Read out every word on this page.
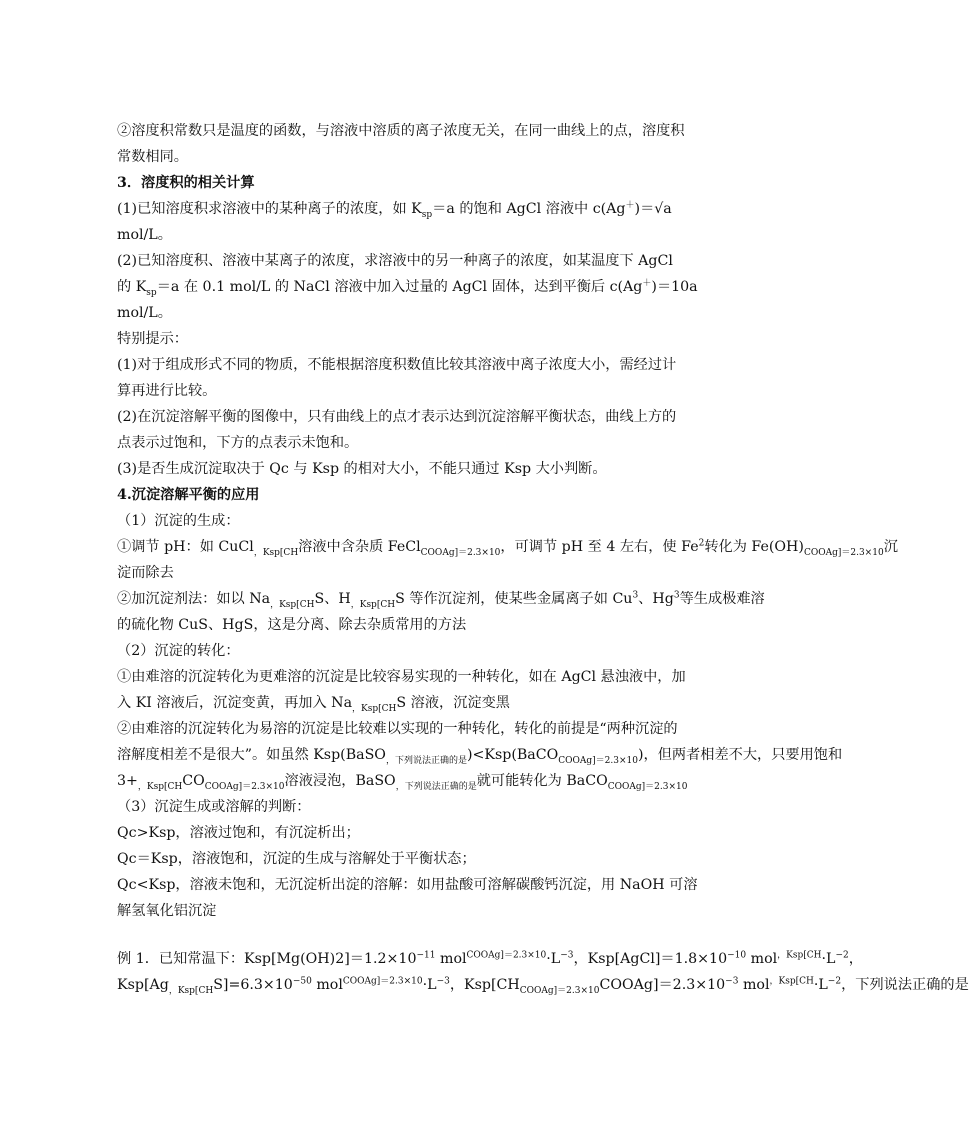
②溶度积常数只是温度的函数，与溶液中溶质的离子浓度无关，在同一曲线上的点，溶度积
常数相同。
3．溶度积的相关计算
(1)已知溶度积求溶液中的某种离子的浓度，如 $K_{sp}=a$ 的饱和 AgCl 溶液中 c(Ag＋)＝√a
mol/L。
(2)已知溶度积、溶液中某离子的浓度，求溶液中的另一种离子的浓度，如某温度下 AgCl
的 $K_{sp}=a$ 在 0.1 mol/L 的 NaCl 溶液中加入过量的 AgCl 固体，达到平衡后 c(Ag＋)＝10a
mol/L。
特别提示：
(1)对于组成形式不同的物质，不能根据溶度积数值比较其溶液中离子浓度大小，需经过计
算再进行比较。
(2)在沉淀溶解平衡的图像中，只有曲线上的点才表示达到沉淀溶解平衡状态，曲线上方的
点表示过饱和，下方的点表示未饱和。
(3)是否生成沉淀取决于 Qc 与 Ksp 的相对大小，不能只通过 Ksp 大小判断。
4.沉淀溶解平衡的应用
（1）沉淀的生成：
①调节 pH：如 CuCl$_{,Ksp[CH}$溶液中含杂质 FeCl$_{COOAg]=2.3\times 10}$，可调节 pH 至 4 左右，使 Fe$^2$转化为 $Fe(OH)_{COOAg]=2.3\times 10}$沉
淀而除去
②加沉淀剂法：如以 $Na_{,Ksp[CH}S$、$H_{,Ksp[CH}S$ 等作沉淀剂，使某些金属离子如 Cu$^3$、Hg$^3$等生成极难溶
的硫化物 CuS、HgS，这是分离、除去杂质常用的方法
（2）沉淀的转化：
①由难溶的沉淀转化为更难溶的沉淀是比较容易实现的一种转化，如在 AgCl 悬浊液中，加
入 KI 溶液后，沉淀变黄，再加入 $Na_{,Ksp[CH}S$ 溶液，沉淀变黑
②由难溶的沉淀转化为易溶的沉淀是比较难以实现的一种转化，转化的前提是“两种沉淀的
溶解度相差不是很大”。如虽然 Ksp(BaSO$_{,下列说法正确的是}$)<Ksp(BaCO$_{COOAg]=2.3\times 10}$)，但两者相差不大，只要用饱和
$3+_{,Ksp[CH}CO_{COOAg]=2.3\times 10}$溶液浸泡，BaSO$_{,下列说法正确的是}$就可能转化为 BaCO$_{COOAg]=2.3\times 10}$
（3）沉淀生成或溶解的判断：
Qc>Ksp，溶液过饱和，有沉淀析出；
Qc＝Ksp，溶液饱和，沉淀的生成与溶解处于平衡状态；
Qc<Ksp，溶液未饱和，无沉淀析出淀的溶解：如用盐酸可溶解碳酸钙沉淀，用 NaOH 可溶
解氢氧化铝沉淀
例 1．已知常温下：$Ksp[Mg(OH)2]=1.2\times 10^{-11}$ $mol^{COOAg]=2.3\times 10}\cdot L^{-3}$，$Ksp[AgCl]=1.8\times 10^{-10}$ $mol^{,Ksp[CH}\cdot L^{-2}$，
$Ksp[Ag_{,Ksp[CH}S]=6.3\times 10^{-50}$ $mol^{COOAg]=2.3\times 10}\cdot L^{-3}$，$Ksp[CH_{COOAg]=2.3\times 10}COOAg]=2.3\times 10^{-3}$ $mol^{,Ksp[CH}\cdot L^{-2}$，下列说法正确的是
